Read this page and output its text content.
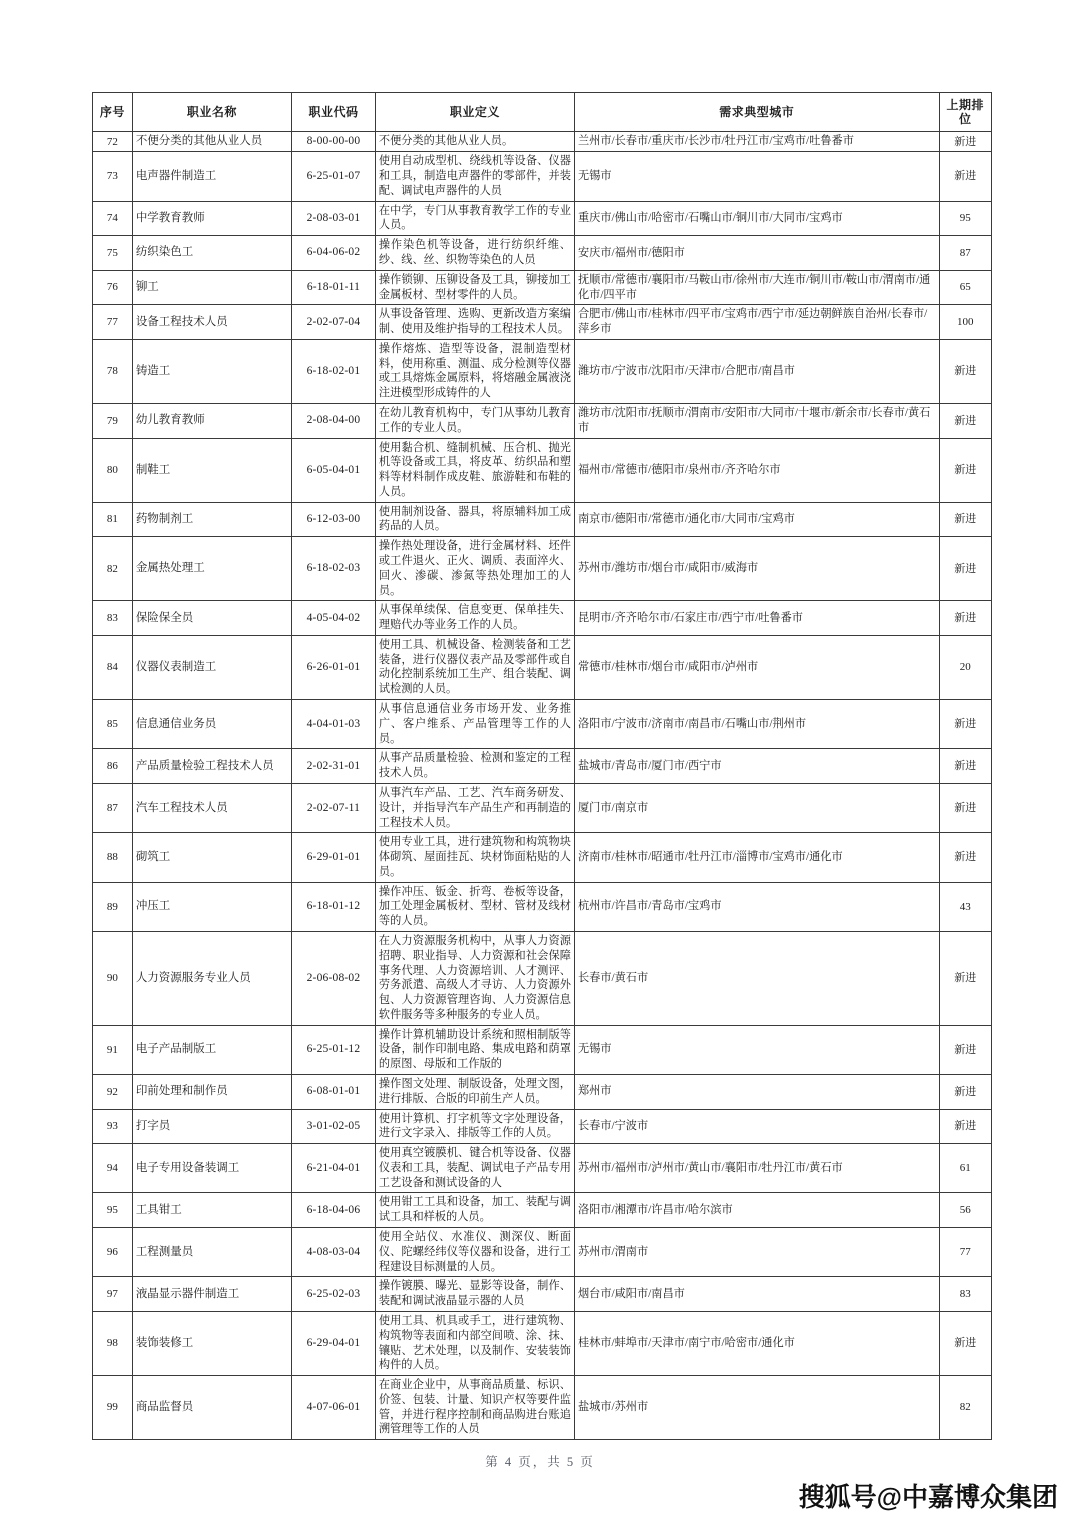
序号	职业名称	职业代码	职业定义	需求典型城市	上期排位
72	不便分类的其他从业人员	8-00-00-00	不便分类的其他从业人员。	兰州市/长春市/重庆市/长沙市/牡丹江市/宝鸡市/吐鲁番市	新进
73	电声器件制造工	6-25-01-07	使用自动成型机、绕线机等设备、仪器和工具，制造电声器件的零部件，并装配、调试电声器件的人员	无锡市	新进
74	中学教育教师	2-08-03-01	在中学，专门从事教育教学工作的专业人员。	重庆市/佛山市/哈密市/石嘴山市/铜川市/大同市/宝鸡市	95
75	纺织染色工	6-04-06-02	操作染色机等设备，进行纺织纤维、纱、线、丝、织物等染色的人员	安庆市/福州市/德阳市	87
76	铆工	6-18-01-11	操作锁铆、压铆设备及工具，铆接加工金属板材、型材零件的人员。	抚顺市/常德市/襄阳市/马鞍山市/徐州市/大连市/铜川市/鞍山市/渭南市/通化市/四平市	65
77	设备工程技术人员	2-02-07-04	从事设备管理、选购、更新改造方案编制、使用及维护指导的工程技术人员。	合肥市/佛山市/桂林市/四平市/宝鸡市/西宁市/延边朝鲜族自治州/长春市/萍乡市	100
78	铸造工	6-18-02-01	操作熔炼、造型等设备，混制造型材料，使用称重、测温、成分检测等仪器或工具熔炼金属原料，将熔融金属液浇注进模型形成铸件的人	潍坊市/宁波市/沈阳市/天津市/合肥市/南昌市	新进
79	幼儿教育教师	2-08-04-00	在幼儿教育机构中，专门从事幼儿教育工作的专业人员。	潍坊市/沈阳市/抚顺市/渭南市/安阳市/大同市/十堰市/新余市/长春市/黄石市	新进
80	制鞋工	6-05-04-01	使用黏合机、缝制机械、压合机、抛光机等设备或工具，将皮革、纺织品和塑料等材料制作成皮鞋、旅游鞋和布鞋的人员。	福州市/常德市/德阳市/泉州市/齐齐哈尔市	新进
81	药物制剂工	6-12-03-00	使用制剂设备、器具，将原辅料加工成药品的人员。	南京市/德阳市/常德市/通化市/大同市/宝鸡市	新进
82	金属热处理工	6-18-02-03	操作热处理设备，进行金属材料、坯件或工件退火、正火、调质、表面淬火、回火、渗碳、渗氮等热处理加工的人员。	苏州市/潍坊市/烟台市/咸阳市/威海市	新进
83	保险保全员	4-05-04-02	从事保单续保、信息变更、保单挂失、理赔代办等业务工作的人员。	昆明市/齐齐哈尔市/石家庄市/西宁市/吐鲁番市	新进
84	仪器仪表制造工	6-26-01-01	使用工具、机械设备、检测装备和工艺装备，进行仪器仪表产品及零部件或自动化控制系统加工生产、组合装配、调试检测的人员。	常德市/桂林市/烟台市/咸阳市/泸州市	20
85	信息通信业务员	4-04-01-03	从事信息通信业务市场开发、业务推广、客户维系、产品管理等工作的人员。	洛阳市/宁波市/济南市/南昌市/石嘴山市/荆州市	新进
86	产品质量检验工程技术人员	2-02-31-01	从事产品质量检验、检测和鉴定的工程技术人员。	盐城市/青岛市/厦门市/西宁市	新进
87	汽车工程技术人员	2-02-07-11	从事汽车产品、工艺、汽车商务研发、设计，并指导汽车产品生产和再制造的工程技术人员。	厦门市/南京市	新进
88	砌筑工	6-29-01-01	使用专业工具，进行建筑物和构筑物块体砌筑、屋面挂瓦、块材饰面粘贴的人员。	济南市/桂林市/昭通市/牡丹江市/淄博市/宝鸡市/通化市	新进
89	冲压工	6-18-01-12	操作冲压、钣金、折弯、卷板等设备，加工处理金属板材、型材、管材及线材等的人员。	杭州市/许昌市/青岛市/宝鸡市	43
90	人力资源服务专业人员	2-06-08-02	在人力资源服务机构中，从事人力资源招聘、职业指导、人力资源和社会保障事务代理、人力资源培训、人才测评、劳务派遣、高级人才寻访、人力资源外包、人力资源管理咨询、人力资源信息软件服务等多种服务的专业人员。	长春市/黄石市	新进
91	电子产品制版工	6-25-01-12	操作计算机辅助设计系统和照相制版等设备，制作印制电路、集成电路和荫罩的原图、母版和工作版的	无锡市	新进
92	印前处理和制作员	6-08-01-01	操作图文处理、制版设备，处理文图，进行排版、合版的印前生产人员。	郑州市	新进
93	打字员	3-01-02-05	使用计算机、打字机等文字处理设备，进行文字录入、排版等工作的人员。	长春市/宁波市	新进
94	电子专用设备装调工	6-21-04-01	使用真空镀膜机、键合机等设备、仪器仪表和工具，装配、调试电子产品专用工艺设备和测试设备的人	苏州市/福州市/泸州市/黄山市/襄阳市/牡丹江市/黄石市	61
95	工具钳工	6-18-04-06	使用钳工工具和设备，加工、装配与调试工具和样板的人员。	洛阳市/湘潭市/许昌市/哈尔滨市	56
96	工程测量员	4-08-03-04	使用全站仪、水准仪、测深仪、断面仪、陀螺经纬仪等仪器和设备，进行工程建设目标测量的人员。	苏州市/渭南市	77
97	液晶显示器件制造工	6-25-02-03	操作镀膜、曝光、显影等设备，制作、装配和调试液晶显示器的人员	烟台市/咸阳市/南昌市	83
98	装饰装修工	6-29-04-01	使用工具、机具或手工，进行建筑物、构筑物等表面和内部空间喷、涂、抹、镶贴、艺术处理，以及制作、安装装饰构件的人员。	桂林市/蚌埠市/天津市/南宁市/哈密市/通化市	新进
99	商品监督员	4-07-06-01	在商业企业中，从事商品质量、标识、价签、包装、计量、知识产权等要件监管，并进行程序控制和商品购进台账追溯管理等工作的人员	盐城市/苏州市	82
第 4 页，共 5 页
搜狐号@中嘉博众集团
